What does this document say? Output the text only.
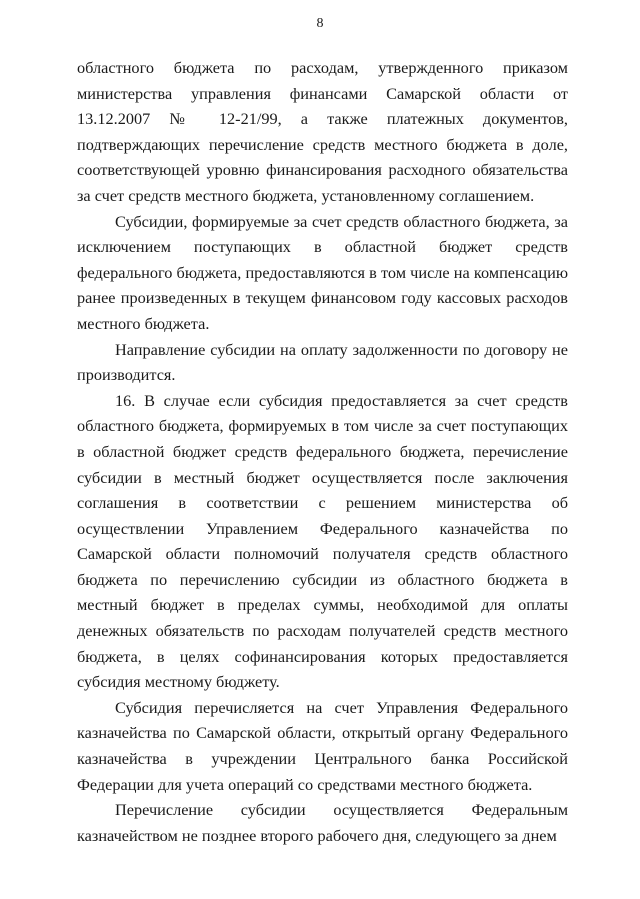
8

областного бюджета по расходам, утвержденного приказом министерства управления финансами Самарской области от 13.12.2007 № 12-21/99, а также платежных документов, подтверждающих перечисление средств местного бюджета в доле, соответствующей уровню финансирования расходного обязательства за счет средств местного бюджета, установленному соглашением.

Субсидии, формируемые за счет средств областного бюджета, за исключением поступающих в областной бюджет средств федерального бюджета, предоставляются в том числе на компенсацию ранее произведенных в текущем финансовом году кассовых расходов местного бюджета.

Направление субсидии на оплату задолженности по договору не производится.

16. В случае если субсидия предоставляется за счет средств областного бюджета, формируемых в том числе за счет поступающих в областной бюджет средств федерального бюджета, перечисление субсидии в местный бюджет осуществляется после заключения соглашения в соответствии с решением министерства об осуществлении Управлением Федерального казначейства по Самарской области полномочий получателя средств областного бюджета по перечислению субсидии из областного бюджета в местный бюджет в пределах суммы, необходимой для оплаты денежных обязательств по расходам получателей средств местного бюджета, в целях софинансирования которых предоставляется субсидия местному бюджету.

Субсидия перечисляется на счет Управления Федерального казначейства по Самарской области, открытый органу Федерального казначейства в учреждении Центрального банка Российской Федерации для учета операций со средствами местного бюджета.

Перечисление субсидии осуществляется Федеральным казначейством не позднее второго рабочего дня, следующего за днем
